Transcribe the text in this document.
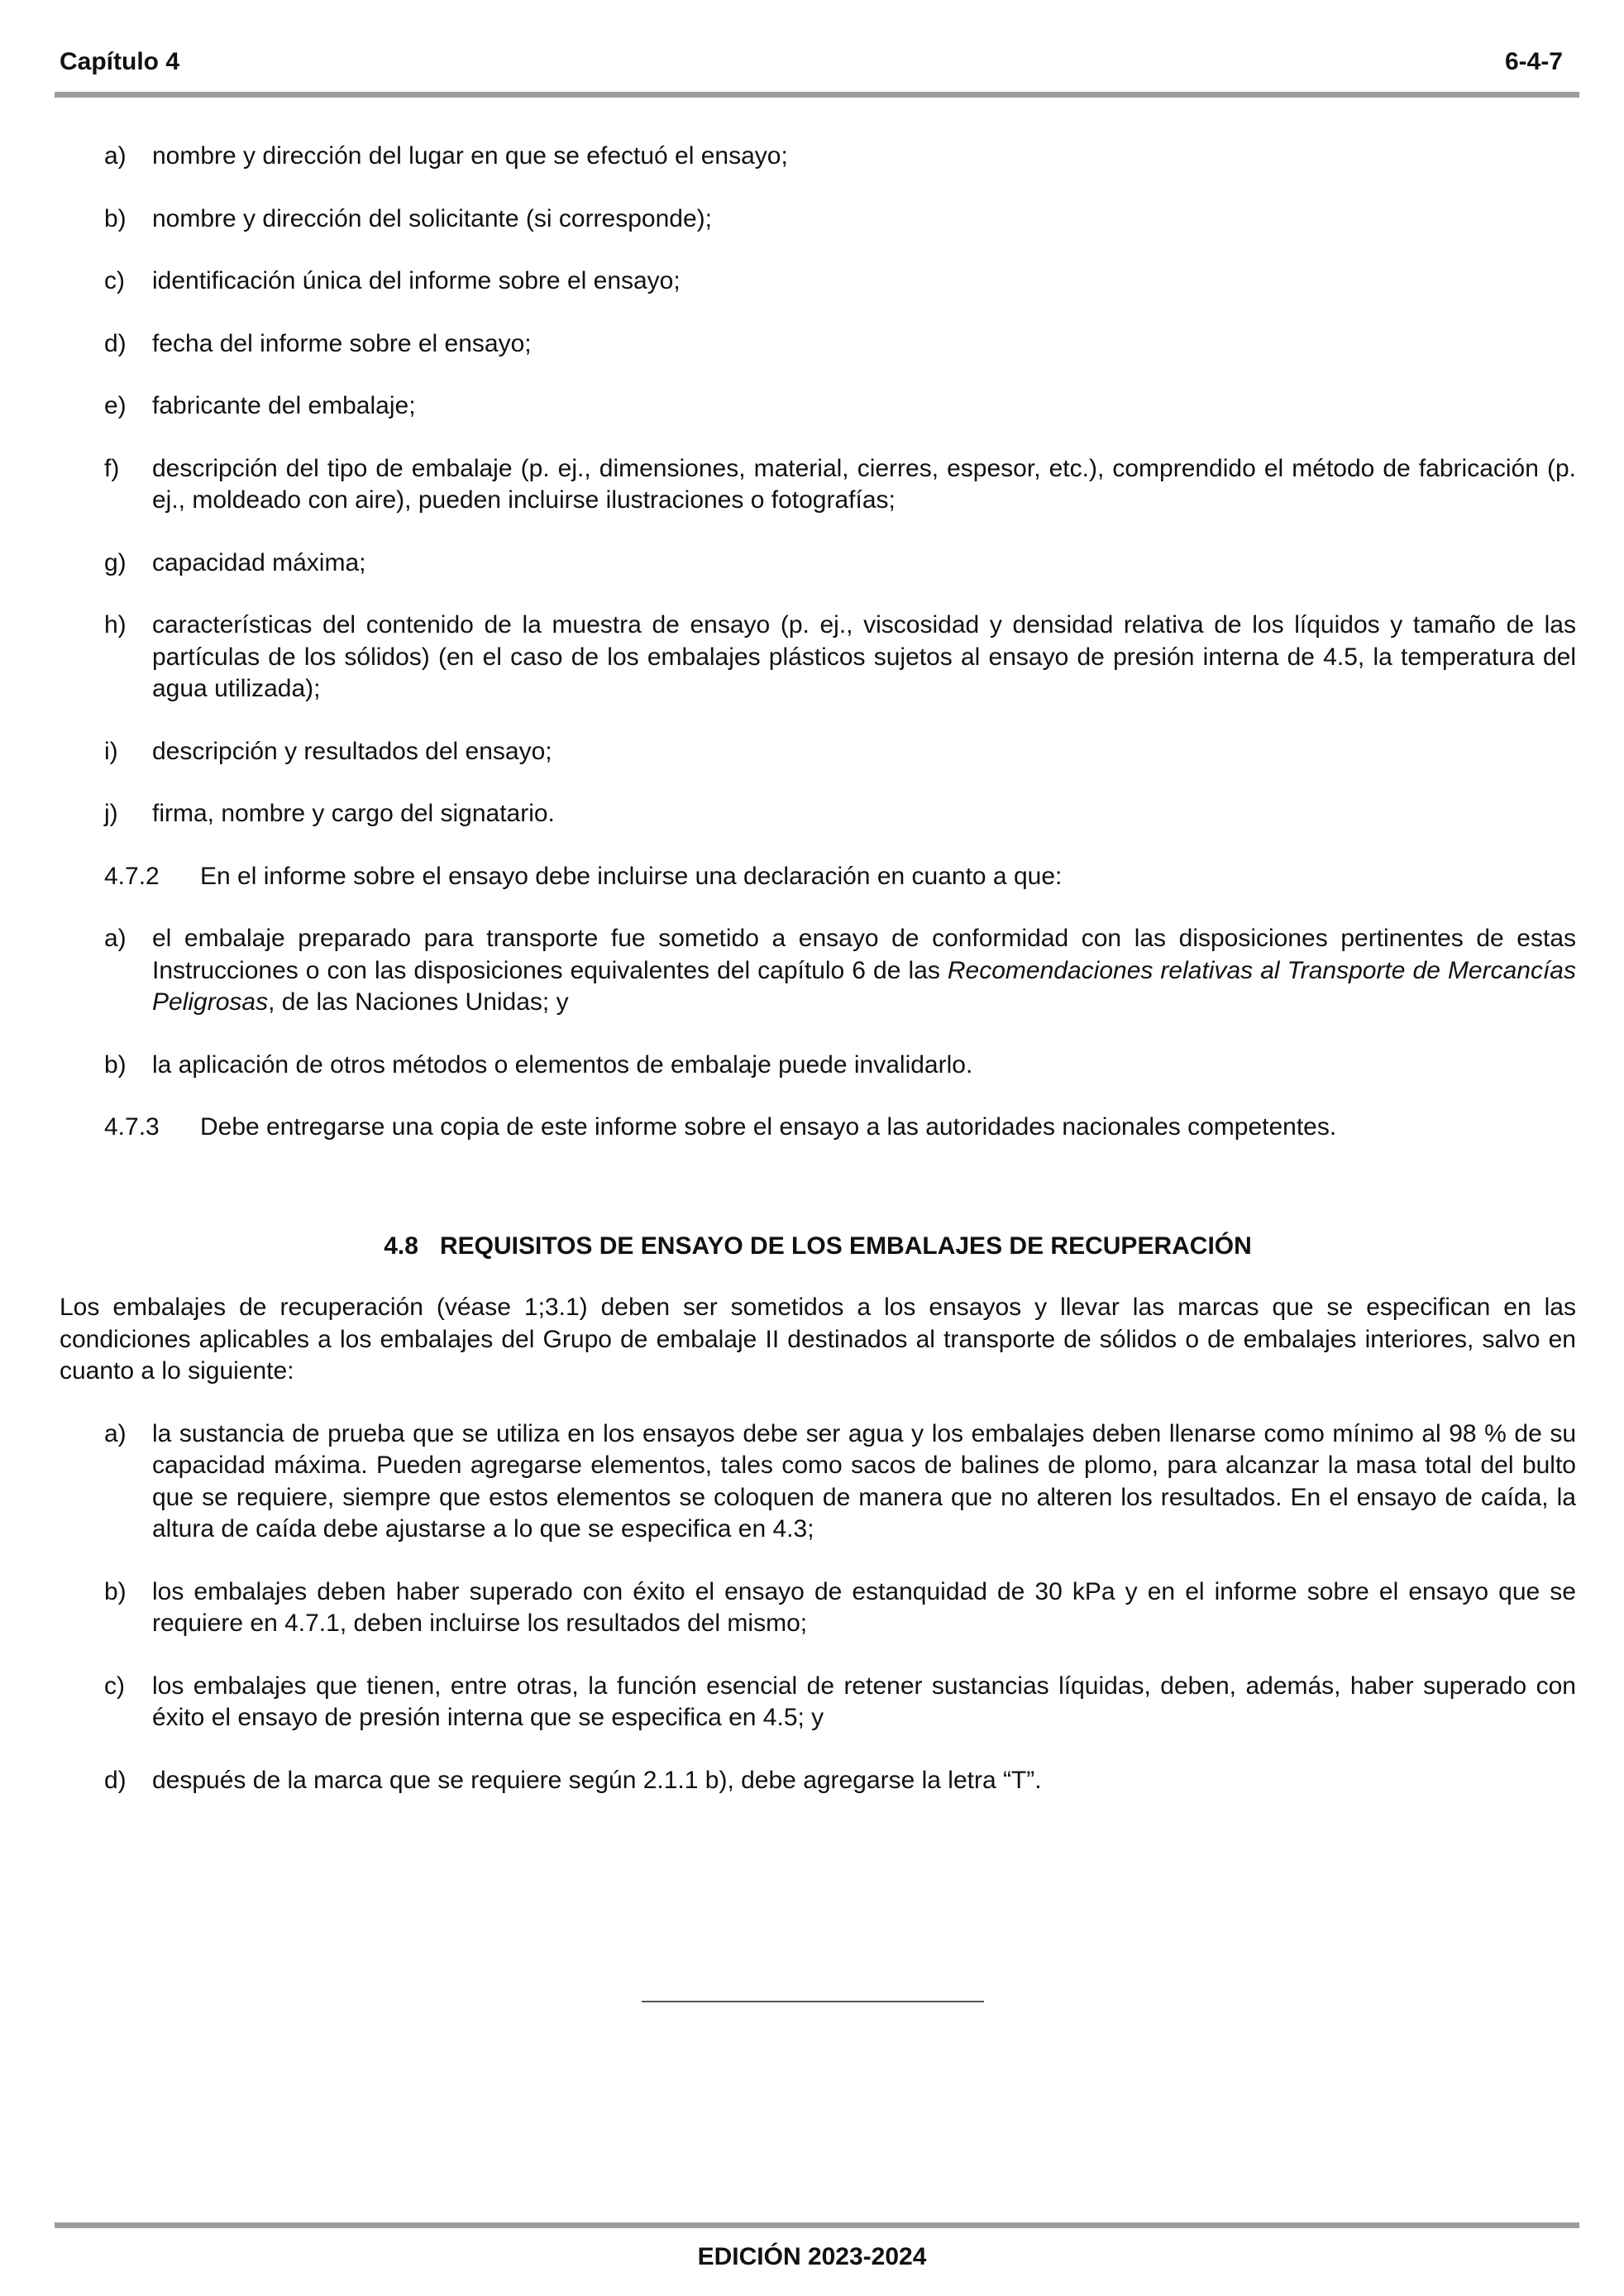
Capítulo 4	6-4-7
a) nombre y dirección del lugar en que se efectuó el ensayo;
b) nombre y dirección del solicitante (si corresponde);
c) identificación única del informe sobre el ensayo;
d) fecha del informe sobre el ensayo;
e) fabricante del embalaje;
f) descripción del tipo de embalaje (p. ej., dimensiones, material, cierres, espesor, etc.), comprendido el método de fabricación (p. ej., moldeado con aire), pueden incluirse ilustraciones o fotografías;
g) capacidad máxima;
h) características del contenido de la muestra de ensayo (p. ej., viscosidad y densidad relativa de los líquidos y tamaño de las partículas de los sólidos) (en el caso de los embalajes plásticos sujetos al ensayo de presión interna de 4.5, la temperatura del agua utilizada);
i) descripción y resultados del ensayo;
j) firma, nombre y cargo del signatario.
4.7.2 En el informe sobre el ensayo debe incluirse una declaración en cuanto a que:
a) el embalaje preparado para transporte fue sometido a ensayo de conformidad con las disposiciones pertinentes de estas Instrucciones o con las disposiciones equivalentes del capítulo 6 de las Recomendaciones relativas al Transporte de Mercancías Peligrosas, de las Naciones Unidas; y
b) la aplicación de otros métodos o elementos de embalaje puede invalidarlo.
4.7.3 Debe entregarse una copia de este informe sobre el ensayo a las autoridades nacionales competentes.
4.8 REQUISITOS DE ENSAYO DE LOS EMBALAJES DE RECUPERACIÓN
Los embalajes de recuperación (véase 1;3.1) deben ser sometidos a los ensayos y llevar las marcas que se especifican en las condiciones aplicables a los embalajes del Grupo de embalaje II destinados al transporte de sólidos o de embalajes interiores, salvo en cuanto a lo siguiente:
a) la sustancia de prueba que se utiliza en los ensayos debe ser agua y los embalajes deben llenarse como mínimo al 98 % de su capacidad máxima. Pueden agregarse elementos, tales como sacos de balines de plomo, para alcanzar la masa total del bulto que se requiere, siempre que estos elementos se coloquen de manera que no alteren los resultados. En el ensayo de caída, la altura de caída debe ajustarse a lo que se especifica en 4.3;
b) los embalajes deben haber superado con éxito el ensayo de estanquidad de 30 kPa y en el informe sobre el ensayo que se requiere en 4.7.1, deben incluirse los resultados del mismo;
c) los embalajes que tienen, entre otras, la función esencial de retener sustancias líquidas, deben, además, haber superado con éxito el ensayo de presión interna que se especifica en 4.5; y
d) después de la marca que se requiere según 2.1.1 b), debe agregarse la letra “T”.
EDICIÓN 2023-2024
